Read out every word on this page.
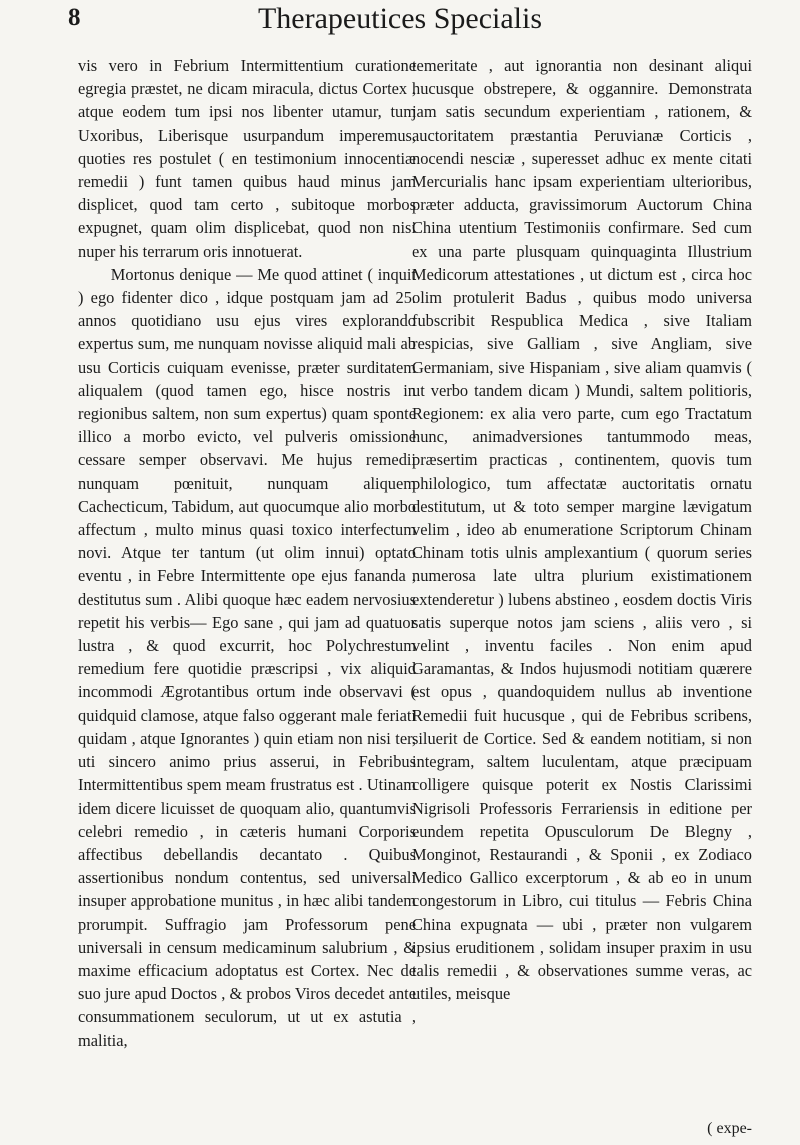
8	Therapeutices Specialis

vis vero in Febrium Intermittentium curatione egregia præstet, ne dicam miracula, dictus Cortex , atque eodem tum ipsi nos libenter utamur, tum Uxoribus, Liberisque usurpandum imperemus, quoties res postulet ( en testimonium innocentiæ remedii ) funt tamen quibus haud minus jam displicet, quod tam certo , subitoque morbos expugnet, quam olim displicebat, quod non nisi nuper his terrarum oris innotuerat.

Mortonus denique — Me quod attinet ( inquit ) ego fidenter dico , idque postquam jam ad 25. annos quotidiano usu ejus vires explorando expertus sum, me nunquam novisse aliquid mali ab usu Corticis cuiquam evenisse, præter surditatem aliqualem (quod tamen ego, hisce nostris in regionibus saltem, non sum expertus) quam sponte illico a morbo evicto, vel pulveris omissione cessare semper observavi. Me hujus remedii nunquam pœnituit, nunquam aliquem Cachecticum, Tabidum, aut quocumque alio morbo affectum , multo minus quasi toxico interfectum novi. Atque ter tantum (ut olim innui) optato eventu , in Febre Intermittente ope ejus fananda , destitutus sum . Alibi quoque hæc eadem nervosius repetit his verbis— Ego sane , qui jam ad quatuor lustra , & quod excurrit, hoc Polychrestum remedium fere quotidie præscripsi , vix aliquid incommodi Ægrotantibus ortum inde observavi ( quidquid clamose, atque falso oggerant male feriati quidam , atque Ignorantes ) quin etiam non nisi ter, uti sincero animo prius asserui, in Febribus Intermittentibus spem meam frustratus est . Utinam idem dicere licuisset de quoquam alio, quantumvis celebri remedio , in cæteris humani Corporis affectibus debellandis decantato . Quibus assertionibus nondum contentus, sed universali insuper approbatione munitus , in hæc alibi tandem prorumpit. Suffragio jam Professorum pene universali in censum medicaminum salubrium , & maxime efficacium adoptatus est Cortex. Nec de suo jure apud Doctos , & probos Viros decedet ante consummationem seculorum, ut ut ex astutia , malitia,

temeritate , aut ignorantia non desinant aliqui hucusque obstrepere, & oggannire. Demonstrata jam satis secundum experientiam , rationem, & auctoritatem præstantia Peruvianæ Corticis , nocendi nesciæ , superesset adhuc ex mente citati Mercurialis hanc ipsam experientiam ulterioribus, præter adducta, gravissimorum Auctorum China China utentium Testimoniis confirmare. Sed cum ex una parte plusquam quinquaginta Illustrium Medicorum attestationes , ut dictum est , circa hoc olim protulerit Badus , quibus modo universa fubscribit Respublica Medica , sive Italiam respicias, sive Galliam , sive Angliam, sive Germaniam, sive Hispaniam , sive aliam quamvis ( ut verbo tandem dicam ) Mundi, saltem politioris, Regionem: ex alia vero parte, cum ego Tractatum hunc, animadversiones tantummodo meas, præsertim practicas , continentem, quovis tum philologico, tum affectatæ auctoritatis ornatu destitutum, ut & toto semper margine lævigatum velim , ideo ab enumeratione Scriptorum Chinam Chinam totis ulnis amplexantium ( quorum series numerosa late ultra plurium existimationem extenderetur ) lubens abstineo , eosdem doctis Viris satis superque notos jam sciens , aliis vero , si velint , inventu faciles . Non enim apud Garamantas, & Indos hujusmodi notitiam quærere est opus , quandoquidem nullus ab inventione Remedii fuit hucusque , qui de Febribus scribens, siluerit de Cortice. Sed & eandem notitiam, si non integram, saltem luculentam, atque præcipuam colligere quisque poterit ex Nostis Clarissimi Nigrisoli Professoris Ferrariensis in editione per eundem repetita Opusculorum De Blegny , Monginot, Restaurandi , & Sponii , ex Zodiaco Medico Gallico excerptorum , & ab eo in unum congestorum in Libro, cui titulus — Febris China China expugnata — ubi , præter non vulgarem ipsius eruditionem , solidam insuper praxim in usu talis remedii , & observationes summe veras, ac utiles, meisque

( expe-
